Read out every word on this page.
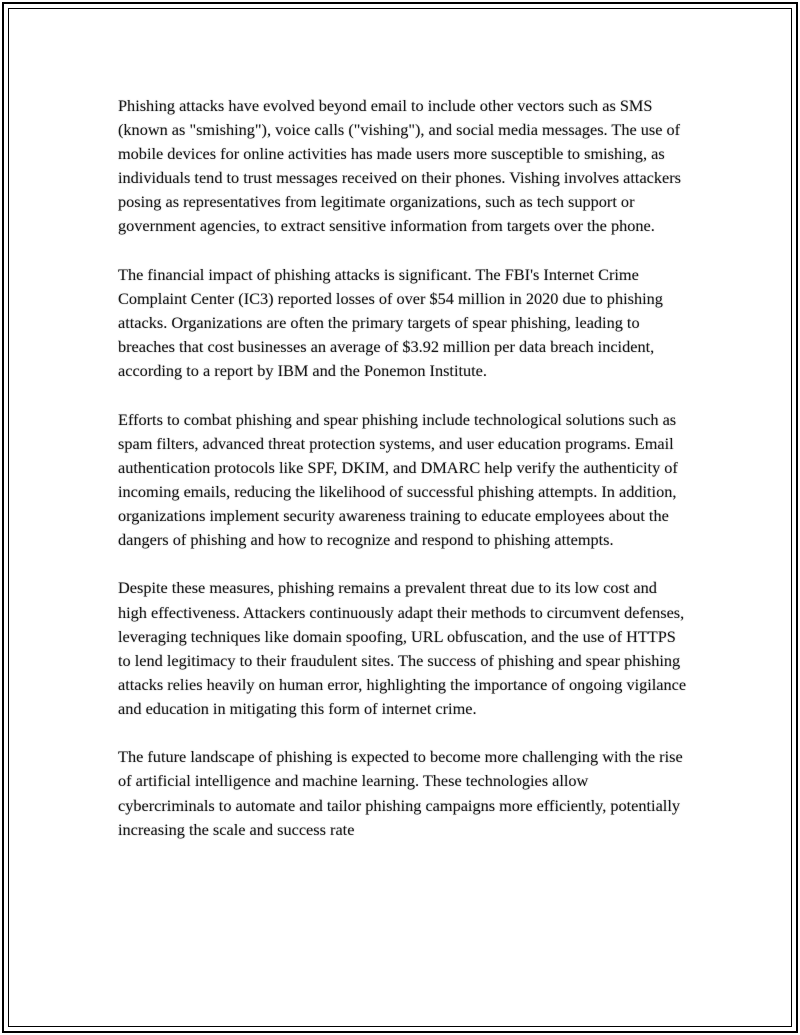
Phishing attacks have evolved beyond email to include other vectors such as SMS (known as "smishing"), voice calls ("vishing"), and social media messages. The use of mobile devices for online activities has made users more susceptible to smishing, as individuals tend to trust messages received on their phones. Vishing involves attackers posing as representatives from legitimate organizations, such as tech support or government agencies, to extract sensitive information from targets over the phone.

The financial impact of phishing attacks is significant. The FBI's Internet Crime Complaint Center (IC3) reported losses of over $54 million in 2020 due to phishing attacks. Organizations are often the primary targets of spear phishing, leading to breaches that cost businesses an average of $3.92 million per data breach incident, according to a report by IBM and the Ponemon Institute.

Efforts to combat phishing and spear phishing include technological solutions such as spam filters, advanced threat protection systems, and user education programs. Email authentication protocols like SPF, DKIM, and DMARC help verify the authenticity of incoming emails, reducing the likelihood of successful phishing attempts. In addition, organizations implement security awareness training to educate employees about the dangers of phishing and how to recognize and respond to phishing attempts.

Despite these measures, phishing remains a prevalent threat due to its low cost and high effectiveness. Attackers continuously adapt their methods to circumvent defenses, leveraging techniques like domain spoofing, URL obfuscation, and the use of HTTPS to lend legitimacy to their fraudulent sites. The success of phishing and spear phishing attacks relies heavily on human error, highlighting the importance of ongoing vigilance and education in mitigating this form of internet crime.

The future landscape of phishing is expected to become more challenging with the rise of artificial intelligence and machine learning. These technologies allow cybercriminals to automate and tailor phishing campaigns more efficiently, potentially increasing the scale and success rate
